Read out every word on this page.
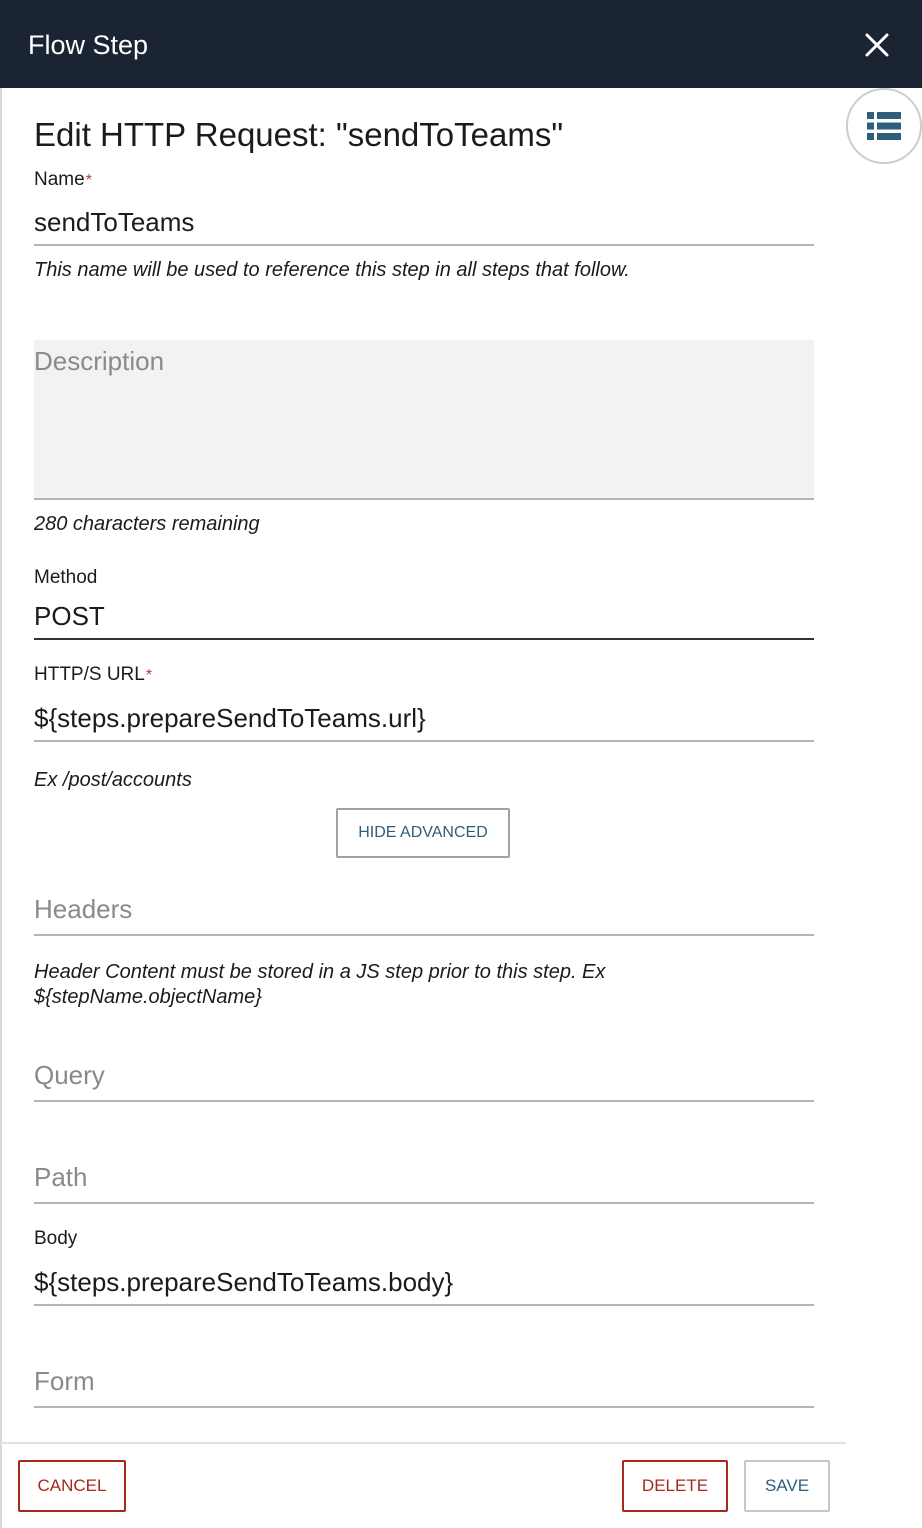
Flow Step
Edit HTTP Request: "sendToTeams"
Name*
sendToTeams
This name will be used to reference this step in all steps that follow.
Description
280 characters remaining
Method
POST
HTTP/S URL*
${steps.prepareSendToTeams.url}
Ex /post/accounts
HIDE ADVANCED
Headers
Header Content must be stored in a JS step prior to this step. Ex ${stepName.objectName}
Query
Path
Body
${steps.prepareSendToTeams.body}
Form
CANCEL	DELETE	SAVE
